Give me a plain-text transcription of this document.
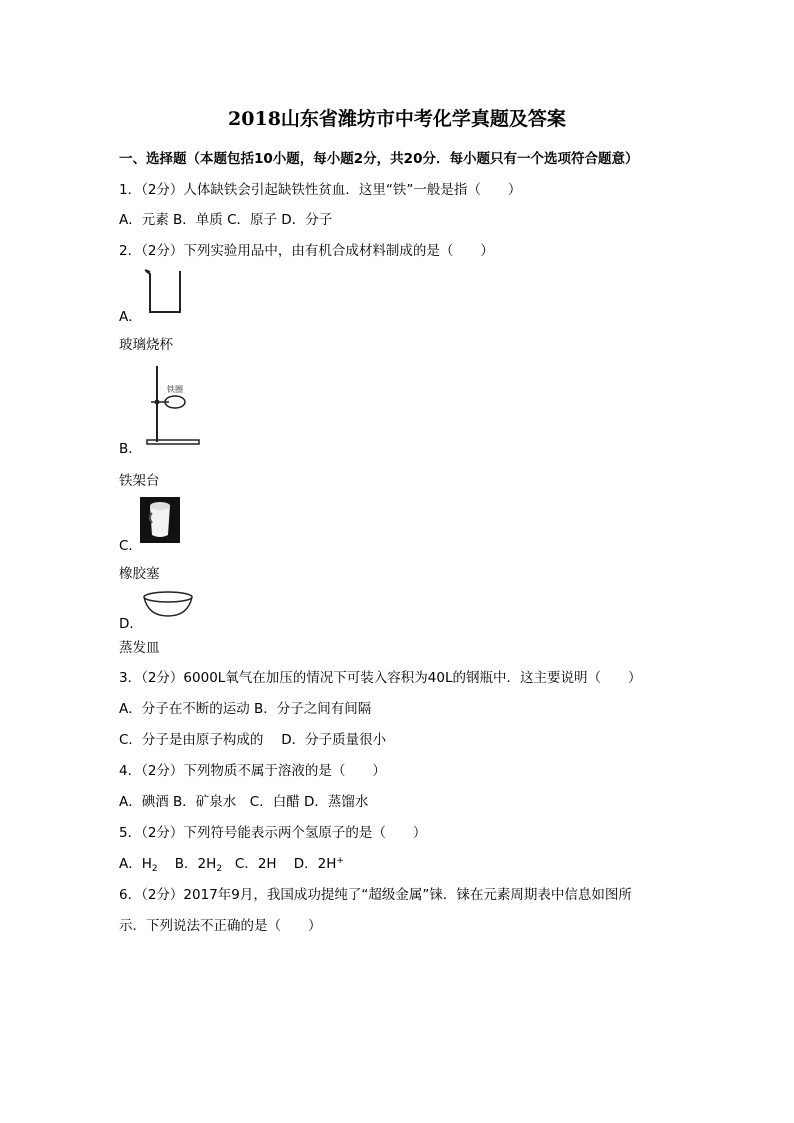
2018山东省潍坊市中考化学真题及答案
一、选择题（本题包括10小题，每小题2分，共20分．每小题只有一个选项符合题意）
1．（2分）人体缺铁会引起缺铁性贫血．这里“铁”一般是指（　　）
A．元素 B．单质 C．原子 D．分子
2．（2分）下列实验用品中，由有机合成材料制成的是（　　）
A．
玻璃烧杯
铁圈
B．
铁架台
C．
橡胶塞
D．
蒸发皿
3．（2分）6000L氧气在加压的情况下可装入容积为40L的钢瓶中．这主要说明（　　）
A．分子在不断的运动 B．分子之间有间隔
C．分子是由原子构成的　 D．分子质量很小
4．（2分）下列物质不属于溶液的是（　　）
A．碘酒 B．矿泉水　C．白醋 D．蒸馏水
5．（2分）下列符号能表示两个氢原子的是（　　）
A．$H_2$ B．$2H_2$ C．2H D．2H+
6．（2分）2017年9月，我国成功提纯了“超级金属”铼．铼在元素周期表中信息如图所
示．下列说法不正确的是（　　）
